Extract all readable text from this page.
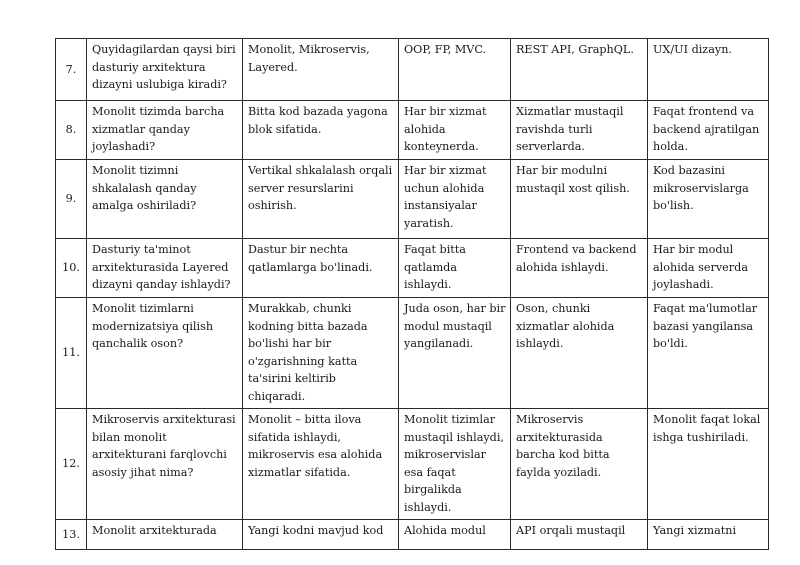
7.	Quyidagilardan qaysi biri dasturiy arxitektura dizayni uslubiga kiradi?	Monolit, Mikroservis, Layered.	OOP, FP, MVC.	REST API, GraphQL.	UX/UI dizayn.
8.	Monolit tizimda barcha xizmatlar qanday joylashadi?	Bitta kod bazada yagona blok sifatida.	Har bir xizmat alohida konteynerda.	Xizmatlar mustaqil ravishda turli serverlarda.	Faqat frontend va backend ajratilgan holda.
9.	Monolit tizimni shkalalash qanday amalga oshiriladi?	Vertikal shkalalash orqali server resurslarini oshirish.	Har bir xizmat uchun alohida instansiyalar yaratish.	Har bir modulni mustaqil xost qilish.	Kod bazasini mikroservislarga bo'lish.
10.	Dasturiy ta'minot arxitekturasida Layered dizayni qanday ishlaydi?	Dastur bir nechta qatlamlarga bo'linadi.	Faqat bitta qatlamda ishlaydi.	Frontend va backend alohida ishlaydi.	Har bir modul alohida serverda joylashadi.
11.	Monolit tizimlarni modernizatsiya qilish qanchalik oson?	Murakkab, chunki kodning bitta bazada bo'lishi har bir o'zgarishning katta ta'sirini keltirib chiqaradi.	Juda oson, har bir modul mustaqil yangilanadi.	Oson, chunki xizmatlar alohida ishlaydi.	Faqat ma'lumotlar bazasi yangilansa bo'ldi.
12.	Mikroservis arxitekturasi bilan monolit arxitekturani farqlovchi asosiy jihat nima?	Monolit – bitta ilova sifatida ishlaydi, mikroservis esa alohida xizmatlar sifatida.	Monolit tizimlar mustaqil ishlaydi, mikroservislar esa faqat birgalikda ishlaydi.	Mikroservis arxitekturasida barcha kod bitta faylda yoziladi.	Monolit faqat lokal ishga tushiriladi.
13.	Monolit arxitekturada	Yangi kodni mavjud kod	Alohida modul	API orqali mustaqil	Yangi xizmatni
